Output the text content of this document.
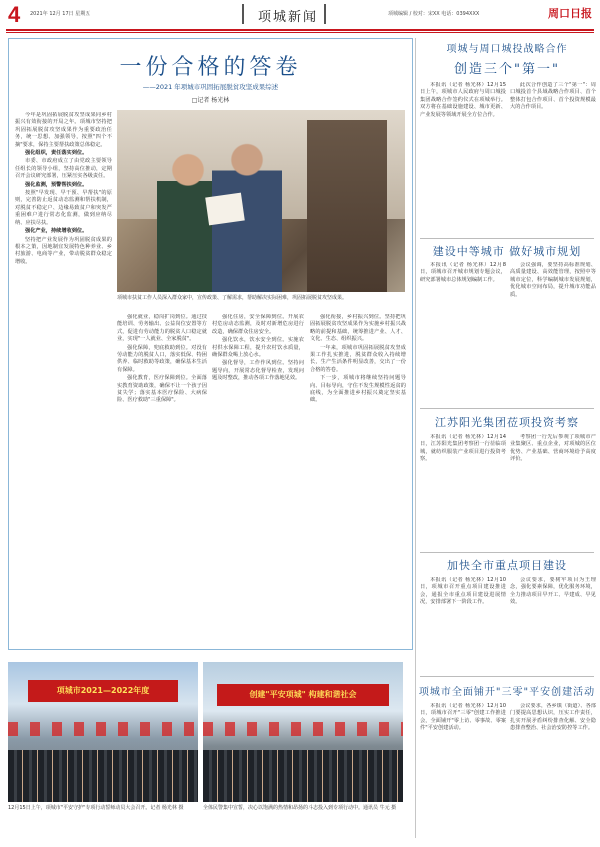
4 2021年 12月 17日 星期五	项城新闻	项城编辑 / 校对：宋XX 电话：0394XXX	周口日报
一份合格的答卷
——2021 年项城市巩固拓展脱贫攻坚成果综述
□记者 杨光林
项城市扶贫工作人员深入群众家中，宣传政策、了解需求，帮助解决实际困难，巩固拓展脱贫攻坚成果。

今年是巩固拓展脱贫攻坚成果同乡村振兴有效衔接的开局之年。项城市坚持把巩固拓展脱贫攻坚成果作为重要政治任务，统一思想、加强领导，按照"四个不摘"要求，保持主要帮扶政策总体稳定。

强化组织，责任落实到位。

市委、市政府成立了由党政主要领导任组长的领导小组，坚持高位推动，定期召开会议研究部署，压紧压实各级责任。

强化监测，预警帮扶到位。

按照"早发现、早干预、早帮扶"的原则，完善防止返贫动态监测和帮扶机制，对脱贫不稳定户、边缘易致贫户和突发严重困难户进行常态化监测，做到应纳尽纳、应扶尽扶。

强化产业，持续增收到位。

坚持把产业发展作为巩固脱贫成果的根本之策，因地制宜发展特色种养业、乡村旅游、电商等产业，带动脱贫群众稳定增收。

强化就业，稳岗扩岗到位。通过技能培训、劳务输出、公益岗位安置等方式，促进有劳动能力的脱贫人口稳定就业，实现"一人就业、全家脱贫"。

强化保障，兜底救助到位。对没有劳动能力的脱贫人口，落实低保、特困供养、临时救助等政策，确保基本生活有保障。

强化教育，医疗保障到位。全面落实教育资助政策，确保不让一个孩子因贫失学；落实基本医疗保险、大病保险、医疗救助"三重保障"。

强化住房，安全保障到位。开展农村危房动态监测，及时对新增危房进行改造，确保群众住房安全。

强化饮水，饮水安全到位。实施农村供水保障工程，提升农村饮水质量，确保群众喝上放心水。

强化督导，工作作风到位。坚持问题导向，开展常态化督导检查，发现问题及时整改，推动各项工作落地见效。

强化衔接，乡村振兴到位。坚持把巩固拓展脱贫攻坚成果作为实施乡村振兴战略的前提和基础，统筹推进产业、人才、文化、生态、组织振兴。

一年来，项城市巩固拓展脱贫攻坚成果工作扎实推进，脱贫群众收入持续增长，生产生活条件明显改善，交出了一份合格的答卷。

下一步，项城市将继续坚持问题导向、目标导向，守住不发生规模性返贫的底线，为全面推进乡村振兴奠定坚实基础。

项城市2021—2022年度
12月15日上午，项城市"平安守护"专项行动誓师动员大会召开。记者 杨光林 摄
创建"平安项城" 构建和谐社会
全体民警集中宣誓，决心以饱满的热情和昂扬的斗志投入到专项行动中。通讯员 牛元 摄
项城与周口城投战略合作
创造三个"第一"

本报讯（记者 杨光林）12月15日上午，项城市人民政府与周口城投集团战略合作签约仪式在项城举行。双方将在基础设施建设、城市更新、产业发展等领域开展全方位合作。

此次合作创造了三个"第一"：周口城投首个县域战略合作项目、首个整体打包合作项目、首个投资规模最大的合作项目。

建设中等城市 做好城市规划

本报讯（记者 杨光林）12月8日，项城市召开城市规划专题会议，研究部署城市总体规划编制工作。

会议强调，要坚持高标准规划、高质量建设、高效能管理，按照中等城市定位，科学编制城市发展规划，优化城市空间布局，提升城市功能品质。

江苏阳光集团莅项投资考察

本报讯（记者 杨光林）12月14日，江苏阳光集团考察团一行莅临项城，就纺织服装产业项目进行投资考察。

考察团一行先后参观了项城市产业集聚区、重点企业，对项城的区位优势、产业基础、营商环境给予高度评价。

加快全市重点项目建设

本报讯（记者 杨光林）12月10日，项城市召开重点项目建设推进会，通报全市重点项目建设进展情况，安排部署下一阶段工作。

会议要求，要树牢项目为王理念，强化要素保障，优化服务环境，全力推动项目早开工、早建成、早见效。

项城市全面铺开"三零"平安创建活动

本报讯（记者 杨光林）12月10日，项城市召开"三零"创建工作推进会，全面铺开"零上访、零事故、零案件"平安创建活动。

会议要求，各乡镇（街道）、各部门要提高思想认识，压实工作责任，扎实开展矛盾纠纷排查化解、安全隐患排查整治、社会治安防控等工作。
